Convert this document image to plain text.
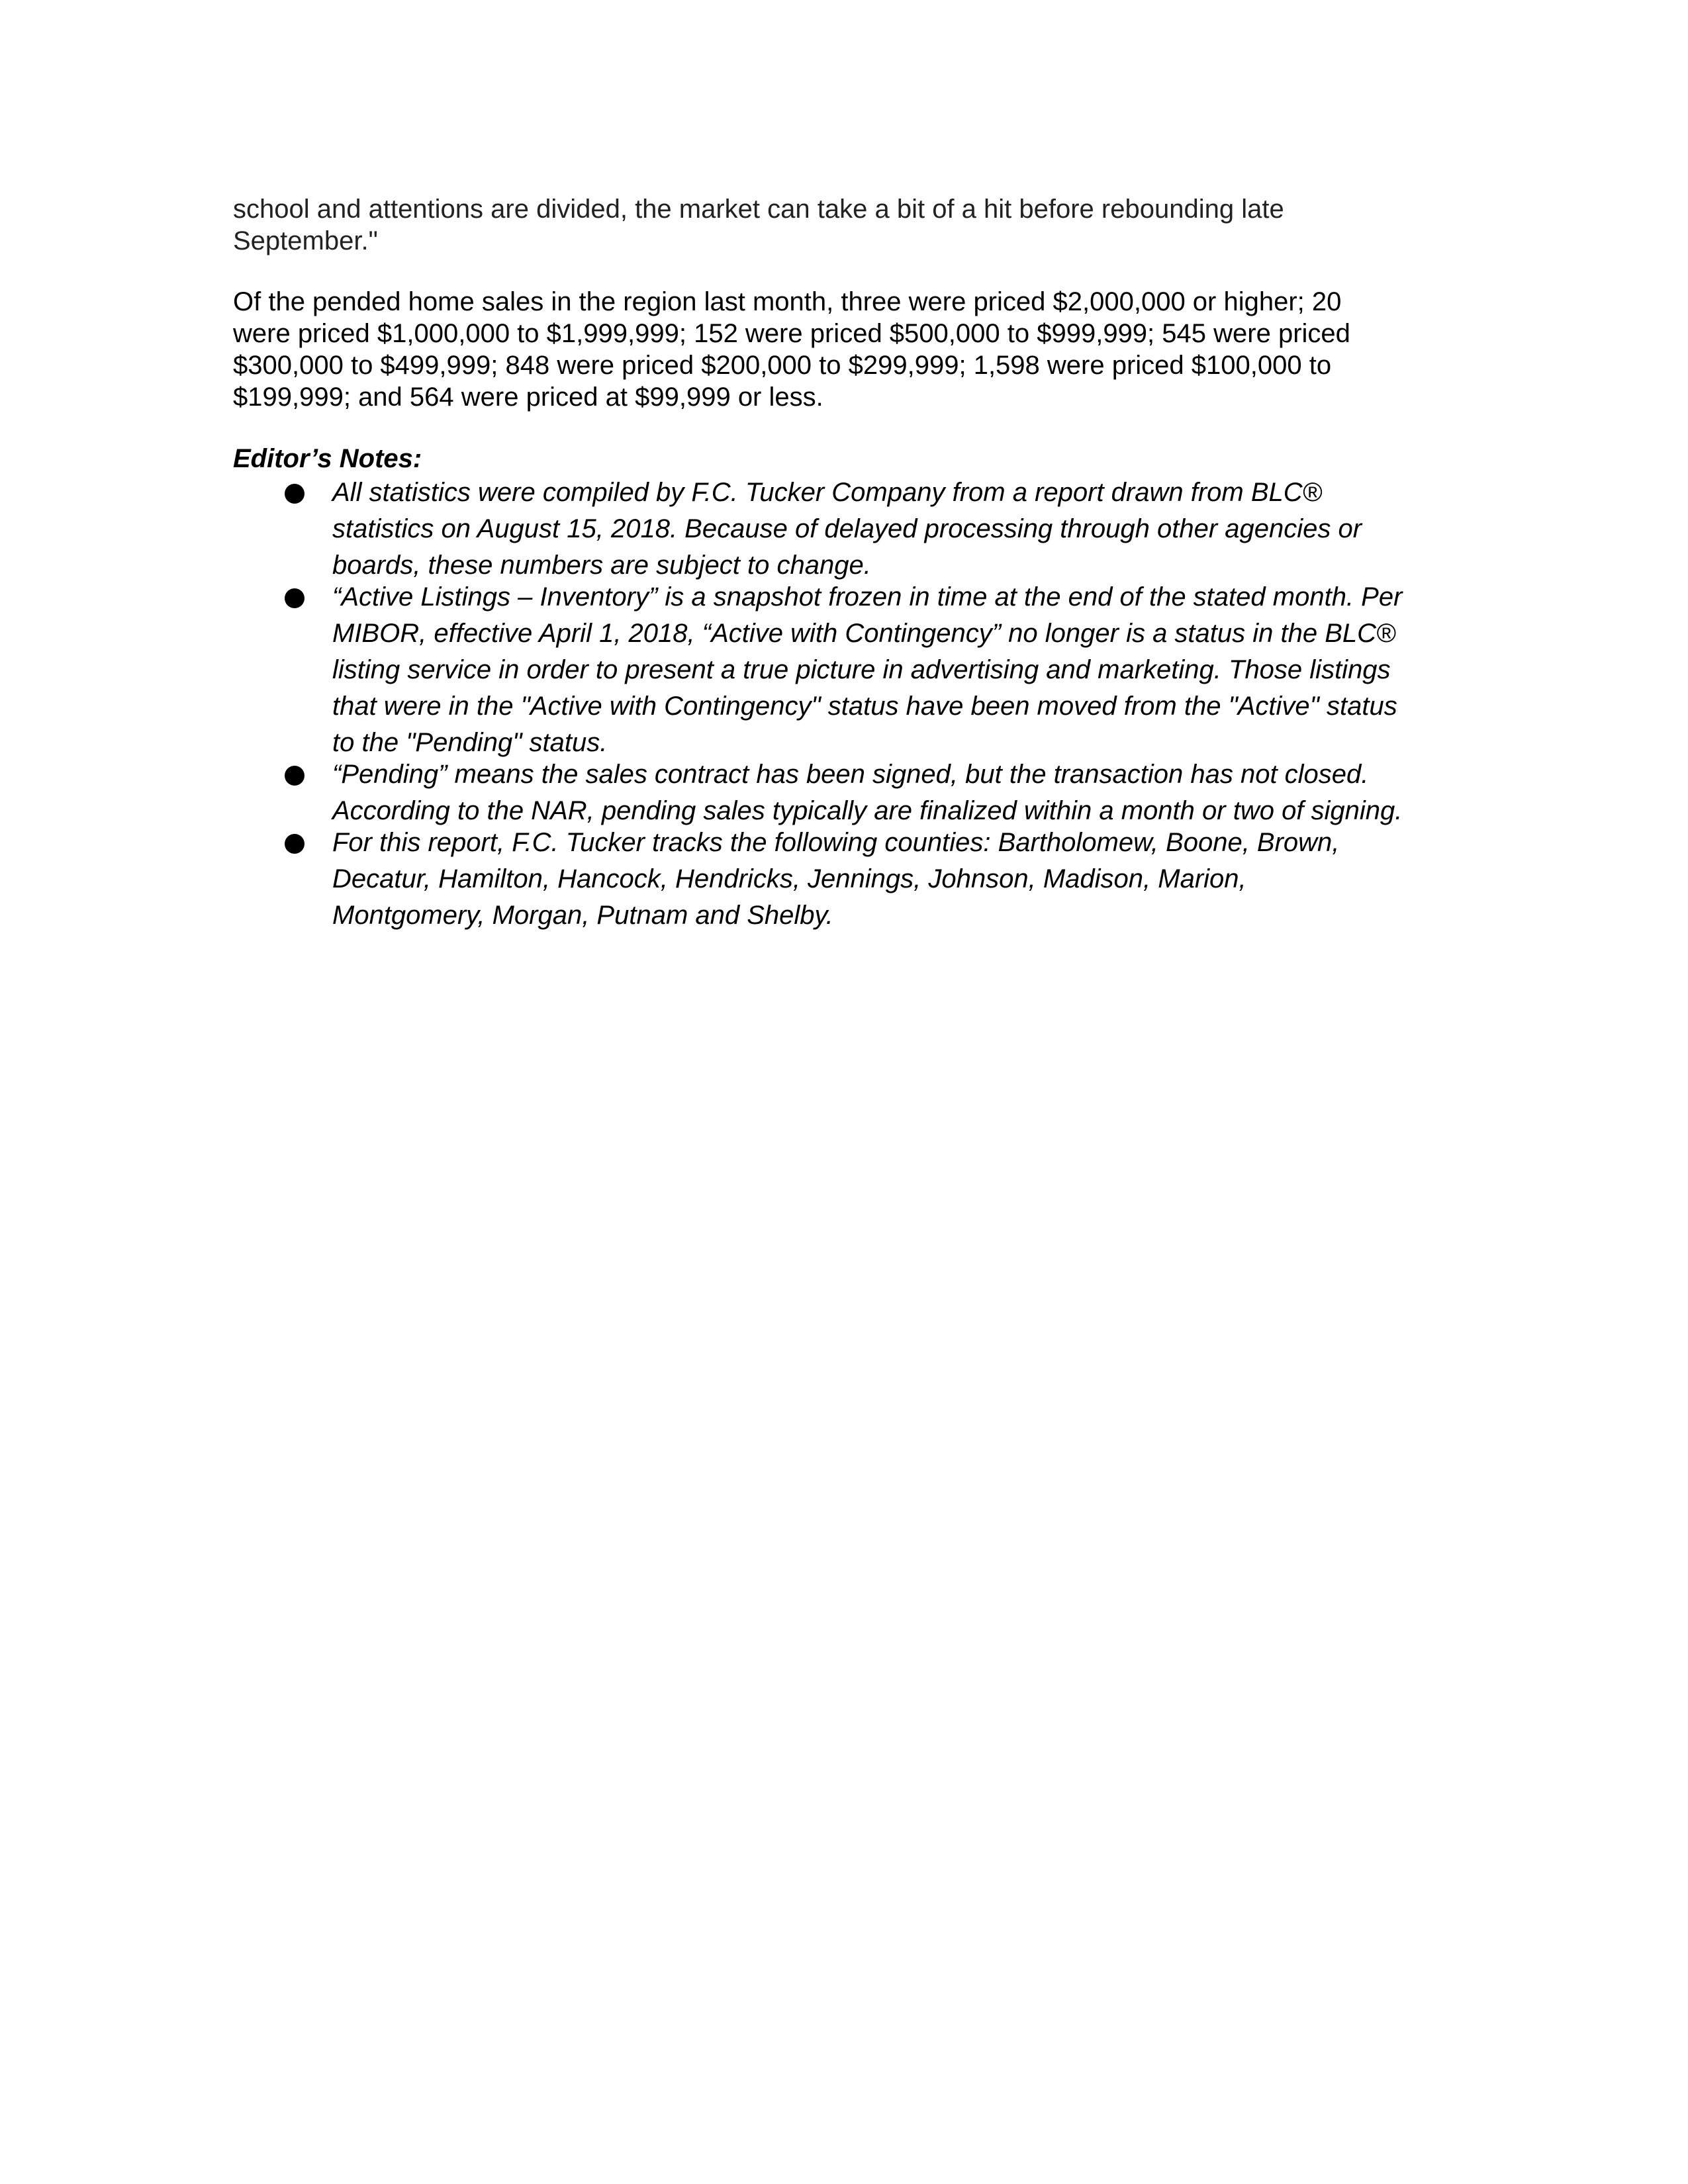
school and attentions are divided, the market can take a bit of a hit before rebounding late
September."
Of the pended home sales in the region last month, three were priced $2,000,000 or higher; 20
were priced $1,000,000 to $1,999,999; 152 were priced $500,000 to $999,999; 545 were priced
$300,000 to $499,999; 848 were priced $200,000 to $299,999; 1,598 were priced $100,000 to
$199,999; and 564 were priced at $99,999 or less.
Editor’s Notes:
All statistics were compiled by F.C. Tucker Company from a report drawn from BLC®
statistics on August 15, 2018. Because of delayed processing through other agencies or
boards, these numbers are subject to change.
“Active Listings – Inventory” is a snapshot frozen in time at the end of the stated month. Per
MIBOR, effective April 1, 2018, “Active with Contingency” no longer is a status in the BLC®
listing service in order to present a true picture in advertising and marketing. Those listings
that were in the "Active with Contingency" status have been moved from the "Active" status
to the "Pending" status.
“Pending” means the sales contract has been signed, but the transaction has not closed.
According to the NAR, pending sales typically are finalized within a month or two of signing.
For this report, F.C. Tucker tracks the following counties: Bartholomew, Boone, Brown,
Decatur, Hamilton, Hancock, Hendricks, Jennings, Johnson, Madison, Marion,
Montgomery, Morgan, Putnam and Shelby.
